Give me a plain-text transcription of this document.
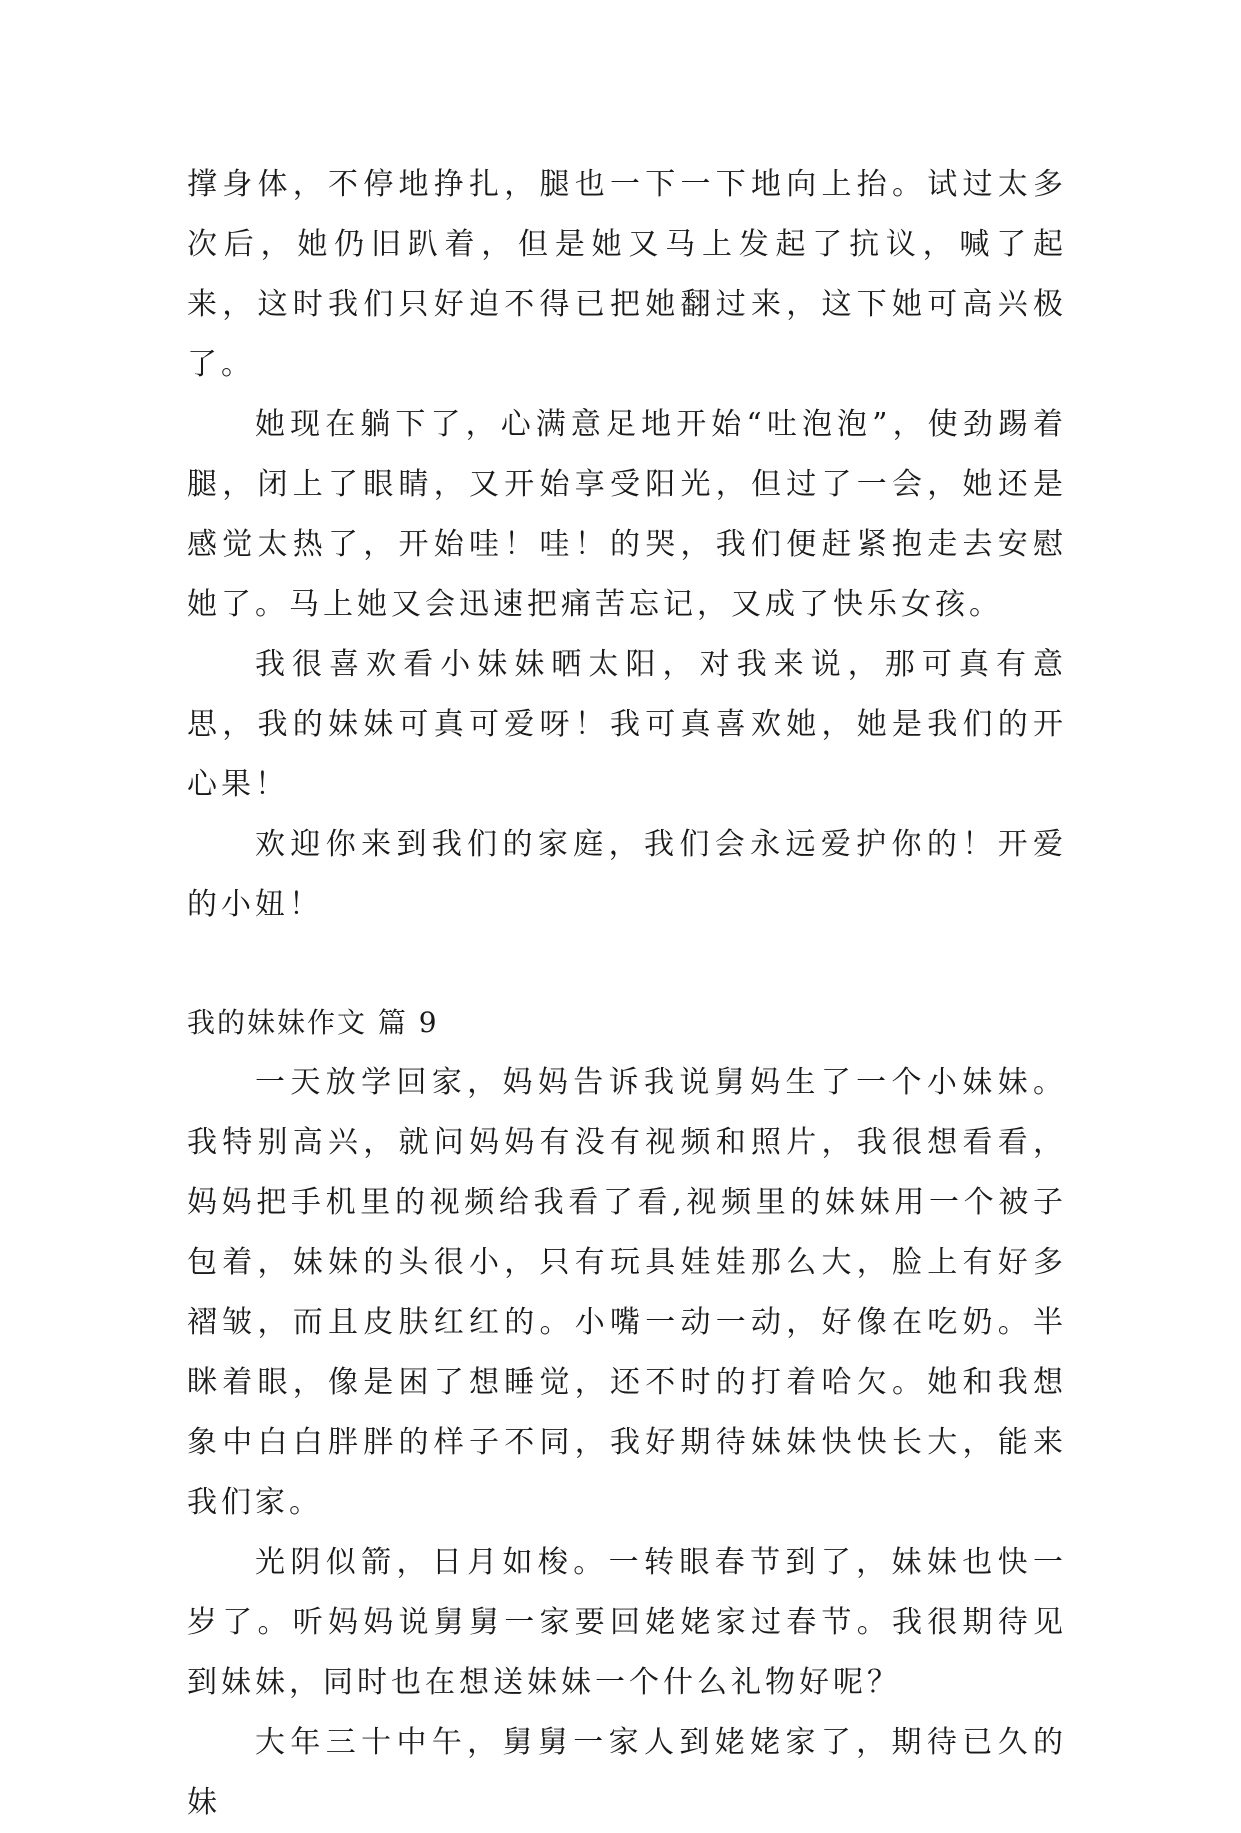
撑身体，不停地挣扎，腿也一下一下地向上抬。试过太多次后，她仍旧趴着，但是她又马上发起了抗议，喊了起来，这时我们只好迫不得已把她翻过来，这下她可高兴极了。

她现在躺下了，心满意足地开始“吐泡泡”，使劲踢着腿，闭上了眼睛，又开始享受阳光，但过了一会，她还是感觉太热了，开始哇！哇！的哭，我们便赶紧抱走去安慰她了。马上她又会迅速把痛苦忘记，又成了快乐女孩。

我很喜欢看小妹妹晒太阳，对我来说，那可真有意思，我的妹妹可真可爱呀！我可真喜欢她，她是我们的开心果！

欢迎你来到我们的家庭，我们会永远爱护你的！开爱的小妞！

我的妹妹作文 篇 9

一天放学回家，妈妈告诉我说舅妈生了一个小妹妹。我特别高兴，就问妈妈有没有视频和照片，我很想看看，妈妈把手机里的视频给我看了看,视频里的妹妹用一个被子包着，妹妹的头很小，只有玩具娃娃那么大，脸上有好多褶皱，而且皮肤红红的。小嘴一动一动，好像在吃奶。半眯着眼，像是困了想睡觉，还不时的打着哈欠。她和我想象中白白胖胖的样子不同，我好期待妹妹快快长大，能来我们家。

光阴似箭，日月如梭。一转眼春节到了，妹妹也快一岁了。听妈妈说舅舅一家要回姥姥家过春节。我很期待见到妹妹，同时也在想送妹妹一个什么礼物好呢？

大年三十中午，舅舅一家人到姥姥家了，期待已久的妹
